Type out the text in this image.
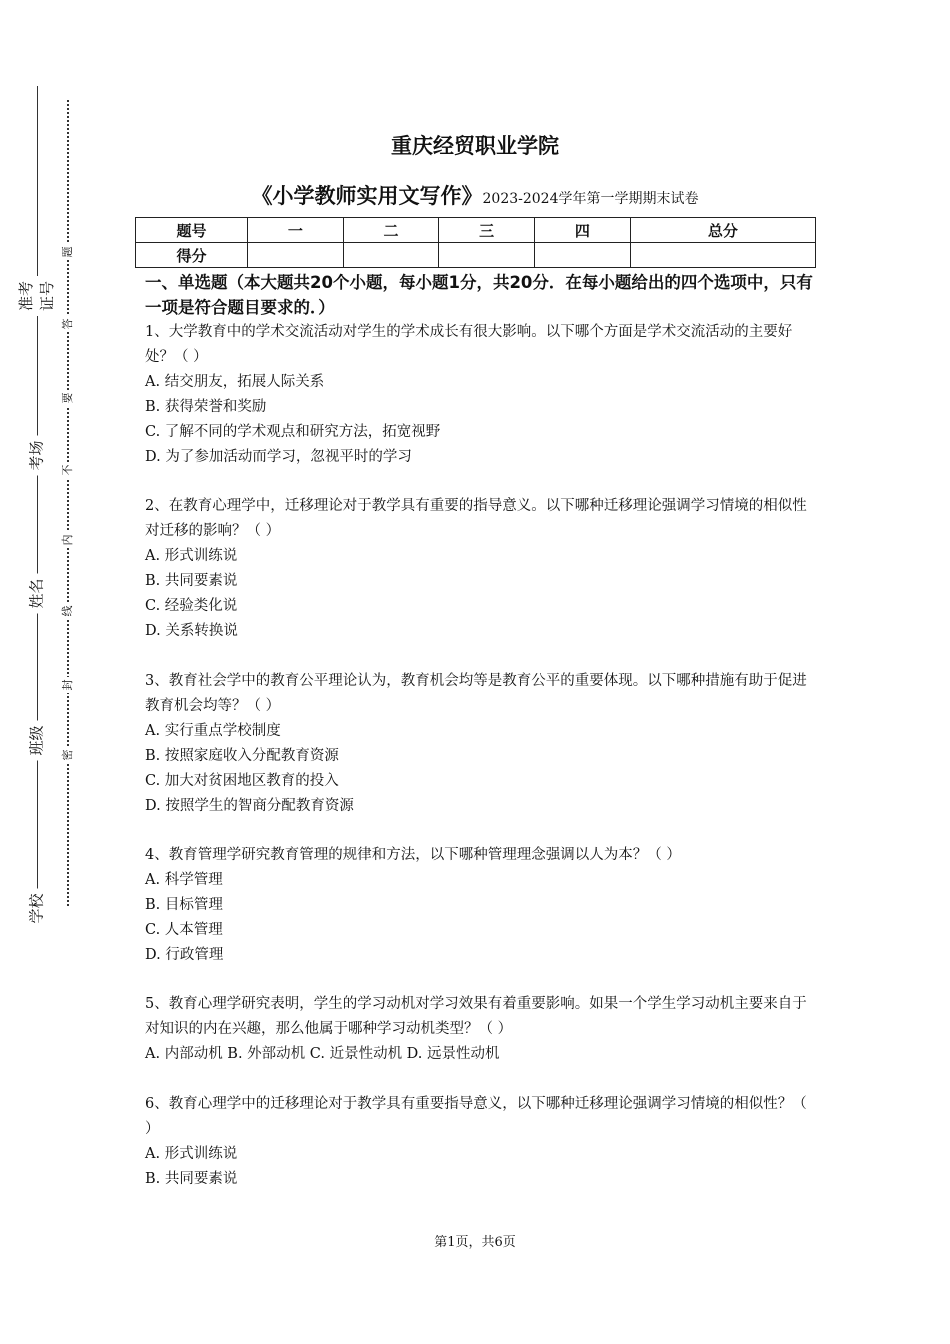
准考证号
考场
姓名
班级
学校
题
答
要
不
内
线
封
密
重庆经贸职业学院
《小学教师实用文写作》2023-2024学年第一学期期末试卷
题号	一	二	三	四	总分
得分					
一、单选题（本大题共20个小题，每小题1分，共20分．在每小题给出的四个选项中，只有一项是符合题目要求的．）

1、大学教育中的学术交流活动对学生的学术成长有很大影响。以下哪个方面是学术交流活动的主要好处？（ ）

A. 结交朋友，拓展人际关系

B. 获得荣誉和奖励

C. 了解不同的学术观点和研究方法，拓宽视野

D. 为了参加活动而学习，忽视平时的学习

2、在教育心理学中，迁移理论对于教学具有重要的指导意义。以下哪种迁移理论强调学习情境的相似性对迁移的影响？（ ）

A. 形式训练说

B. 共同要素说

C. 经验类化说

D. 关系转换说

3、教育社会学中的教育公平理论认为，教育机会均等是教育公平的重要体现。以下哪种措施有助于促进教育机会均等？（ ）

A. 实行重点学校制度

B. 按照家庭收入分配教育资源

C. 加大对贫困地区教育的投入

D. 按照学生的智商分配教育资源

4、教育管理学研究教育管理的规律和方法，以下哪种管理理念强调以人为本？（ ）

A. 科学管理

B. 目标管理

C. 人本管理

D. 行政管理

5、教育心理学研究表明，学生的学习动机对学习效果有着重要影响。如果一个学生学习动机主要来自于对知识的内在兴趣，那么他属于哪种学习动机类型？（ ）

A. 内部动机 B. 外部动机 C. 近景性动机 D. 远景性动机

6、教育心理学中的迁移理论对于教学具有重要指导意义，以下哪种迁移理论强调学习情境的相似性？（ ）

A. 形式训练说

B. 共同要素说

第1页，共6页
